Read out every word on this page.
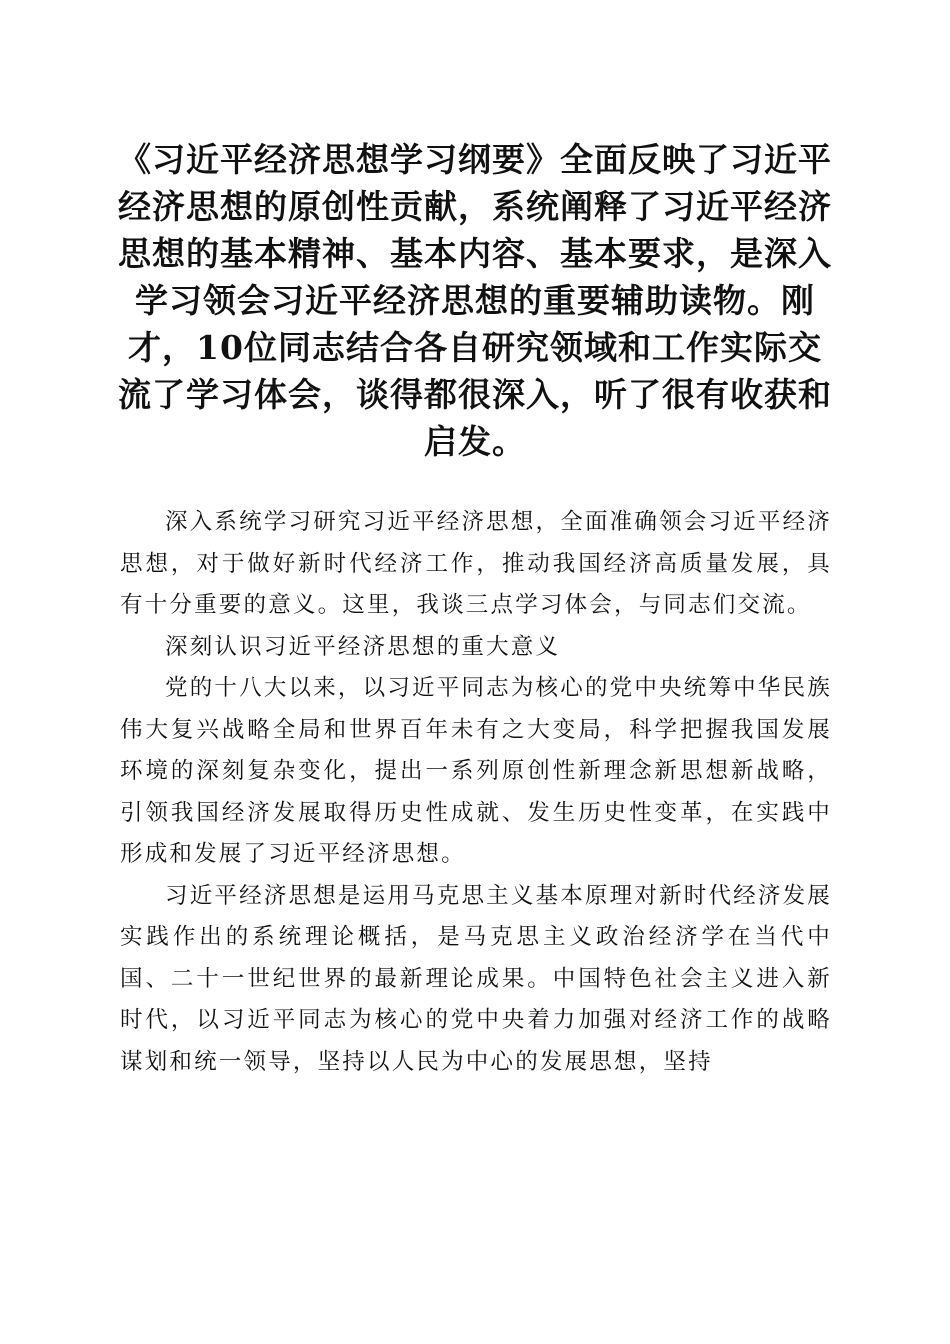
《习近平经济思想学习纲要》全面反映了习近平经济思想的原创性贡献，系统阐释了习近平经济思想的基本精神、基本内容、基本要求，是深入学习领会习近平经济思想的重要辅助读物。刚才，10位同志结合各自研究领域和工作实际交流了学习体会，谈得都很深入，听了很有收获和启发。

深入系统学习研究习近平经济思想，全面准确领会习近平经济思想，对于做好新时代经济工作，推动我国经济高质量发展，具有十分重要的意义。这里，我谈三点学习体会，与同志们交流。

深刻认识习近平经济思想的重大意义

党的十八大以来，以习近平同志为核心的党中央统筹中华民族伟大复兴战略全局和世界百年未有之大变局，科学把握我国发展环境的深刻复杂变化，提出一系列原创性新理念新思想新战略，引领我国经济发展取得历史性成就、发生历史性变革，在实践中形成和发展了习近平经济思想。

习近平经济思想是运用马克思主义基本原理对新时代经济发展实践作出的系统理论概括，是马克思主义政治经济学在当代中国、二十一世纪世界的最新理论成果。中国特色社会主义进入新时代，以习近平同志为核心的党中央着力加强对经济工作的战略谋划和统一领导，坚持以人民为中心的发展思想，坚持
